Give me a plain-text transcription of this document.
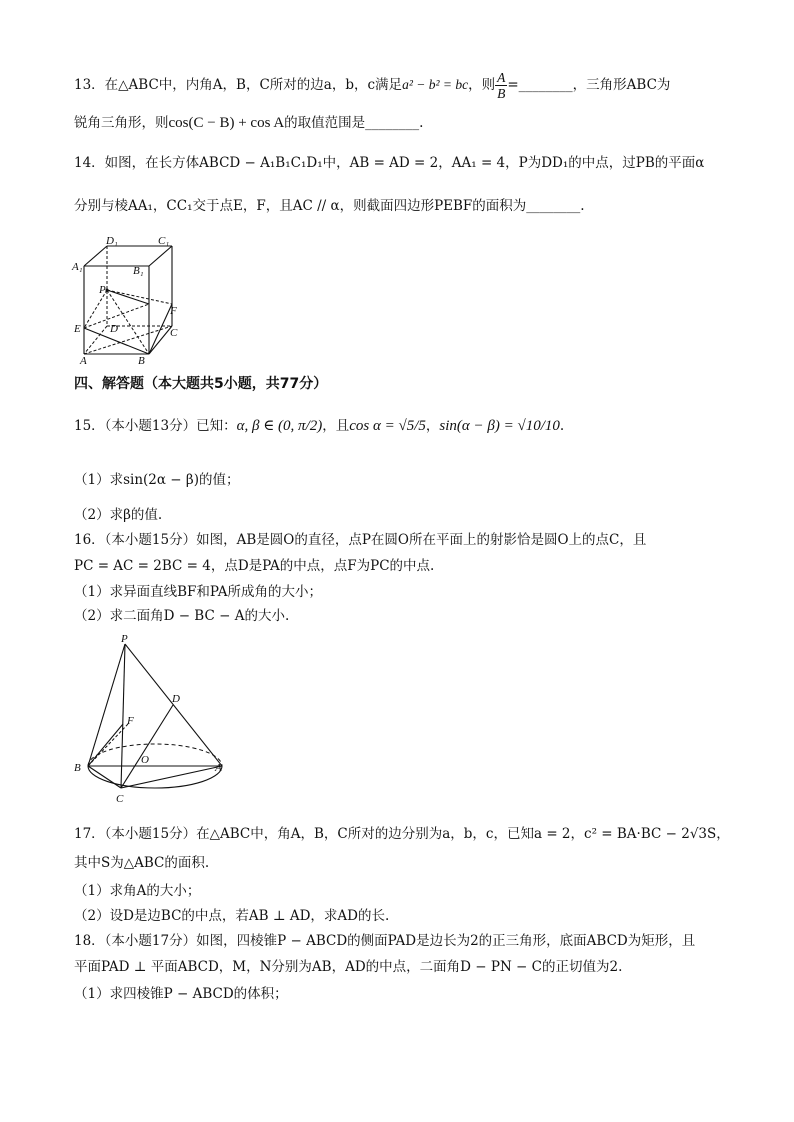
13．在△ABC中，内角A，B，C所对的边a，b，c满足a² − b² = bc，则 $\frac{A}{B}$ =________，三角形ABC为
锐角三角形，则cos(C − B) + cos A的取值范围是________.
14．如图，在长方体ABCD − A₁B₁C₁D₁中，AB = AD = 2，AA₁ = 4，P为DD₁的中点，过PB的平面α
分别与棱AA₁，CC₁交于点E，F，且AC // α，则截面四边形PEBF的面积为________.
D₁	C₁
A₁	B₁
P
F
E	D	C
A	B
四、解答题（本大题共5小题，共77分）
15．（本小题13分）已知：α, β ∈ (0, π/2)，且cos α = √5/5，sin(α − β) = √10/10.
（1）求sin(2α − β)的值；
（2）求β的值.
16．（本小题15分）如图，AB是圆O的直径，点P在圆O所在平面上的射影恰是圆O上的点C，且
PC = AC = 2BC = 4，点D是PA的中点，点F为PC的中点.
（1）求异面直线BF和PA所成角的大小；
（2）求二面角D − BC − A的大小.
P
D
F
B
O
A
C
17．（本小题15分）在△ABC中，角A，B，C所对的边分别为a，b，c，已知a = 2，c² = BA·BC − 2√3S，
其中S为△ABC的面积.
（1）求角A的大小；
（2）设D是边BC的中点，若AB ⊥ AD，求AD的长.
18．（本小题17分）如图，四棱锥P − ABCD的侧面PAD是边长为2的正三角形，底面ABCD为矩形，且
平面PAD ⊥ 平面ABCD，M，N分别为AB，AD的中点，二面角D − PN − C的正切值为2.
（1）求四棱锥P − ABCD的体积；
